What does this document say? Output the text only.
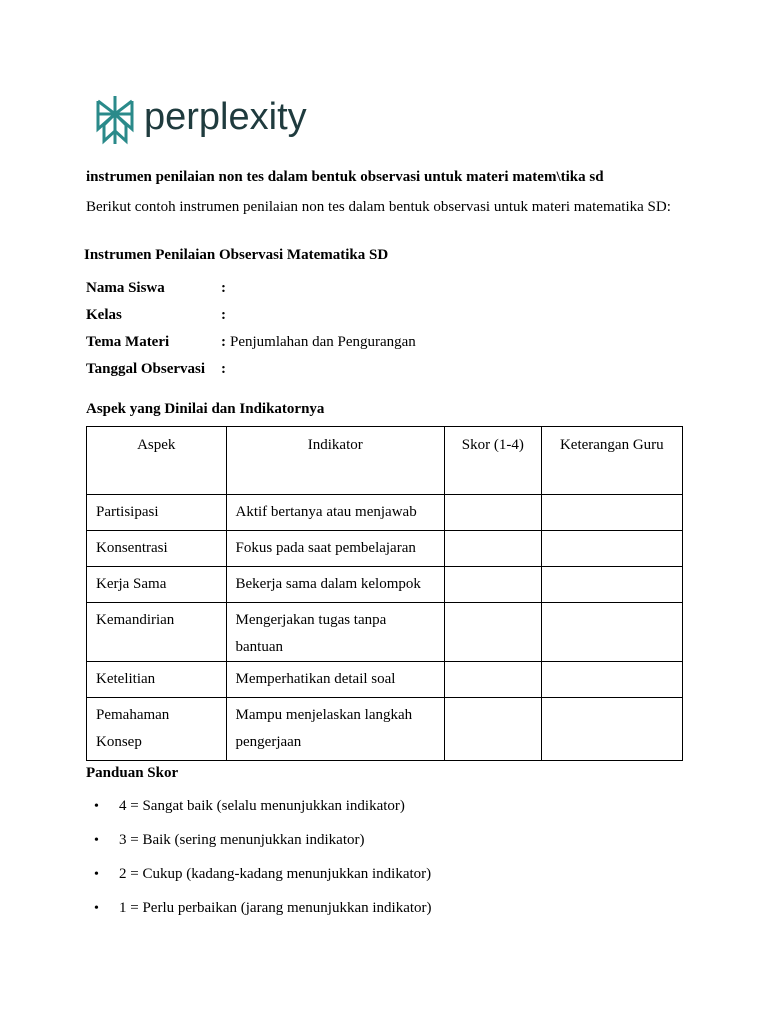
perplexity
instrumen penilaian non tes dalam bentuk observasi untuk materi matem\tika sd
Berikut contoh instrumen penilaian non tes dalam bentuk observasi untuk materi matematika SD:
Instrumen Penilaian Observasi Matematika SD
Nama Siswa	:
Kelas	:
Tema Materi	: Penjumlahan dan Pengurangan
Tanggal Observasi	:
Aspek yang Dinilai dan Indikatornya
Aspek	Indikator	Skor (1-4)	Keterangan Guru
Partisipasi	Aktif bertanya atau menjawab		
Konsentrasi	Fokus pada saat pembelajaran		
Kerja Sama	Bekerja sama dalam kelompok		
Kemandirian	Mengerjakan tugas tanpa bantuan		
Ketelitian	Memperhatikan detail soal		
Pemahaman Konsep	Mampu menjelaskan langkah pengerjaan		
Panduan Skor
•	4 = Sangat baik (selalu menunjukkan indikator)
•	3 = Baik (sering menunjukkan indikator)
•	2 = Cukup (kadang-kadang menunjukkan indikator)
•	1 = Perlu perbaikan (jarang menunjukkan indikator)
